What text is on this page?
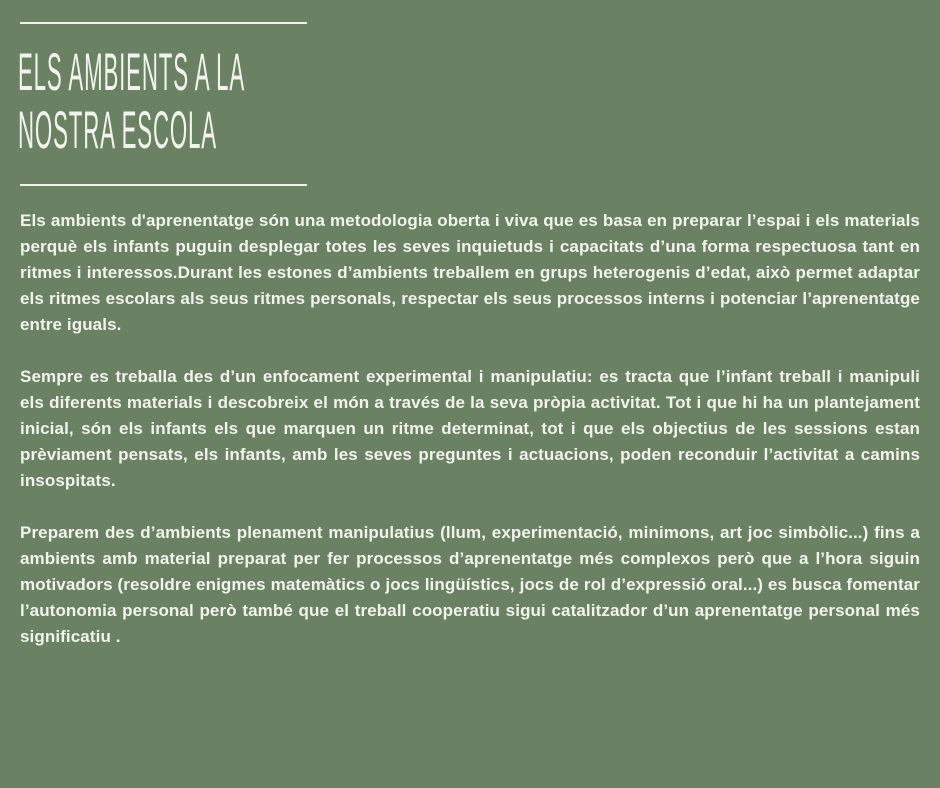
ELS AMBIENTS A LA
NOSTRA ESCOLA

Els ambients d'aprenentatge són una metodologia oberta i viva que es basa en preparar l’espai i els materials perquè els infants puguin desplegar totes les seves inquietuds i capacitats d’una forma respectuosa tant en ritmes i interessos.Durant les estones d’ambients treballem en grups heterogenis d’edat, això permet adaptar els ritmes escolars als seus ritmes personals, respectar els seus processos interns i potenciar l’aprenentatge entre iguals.

Sempre es treballa des d’un enfocament experimental i manipulatiu: es tracta que l’infant treball i manipuli els diferents materials i descobreix el món a través de la seva pròpia activitat. Tot i que hi ha un plantejament inicial, són els infants els que marquen un ritme determinat, tot i que els objectius de les sessions estan prèviament pensats, els infants, amb les seves preguntes i actuacions, poden reconduir l’activitat a camins insospitats.

Preparem des d’ambients plenament manipulatius (llum, experimentació, minimons, art joc simbòlic...) fins a ambients amb material preparat per fer processos d’aprenentatge més complexos però que a l’hora siguin motivadors (resoldre enigmes matemàtics o jocs lingüístics, jocs de rol d’expressió oral...) es busca fomentar l’autonomia personal però també que el treball cooperatiu sigui catalitzador d’un aprenentatge personal més significatiu .
